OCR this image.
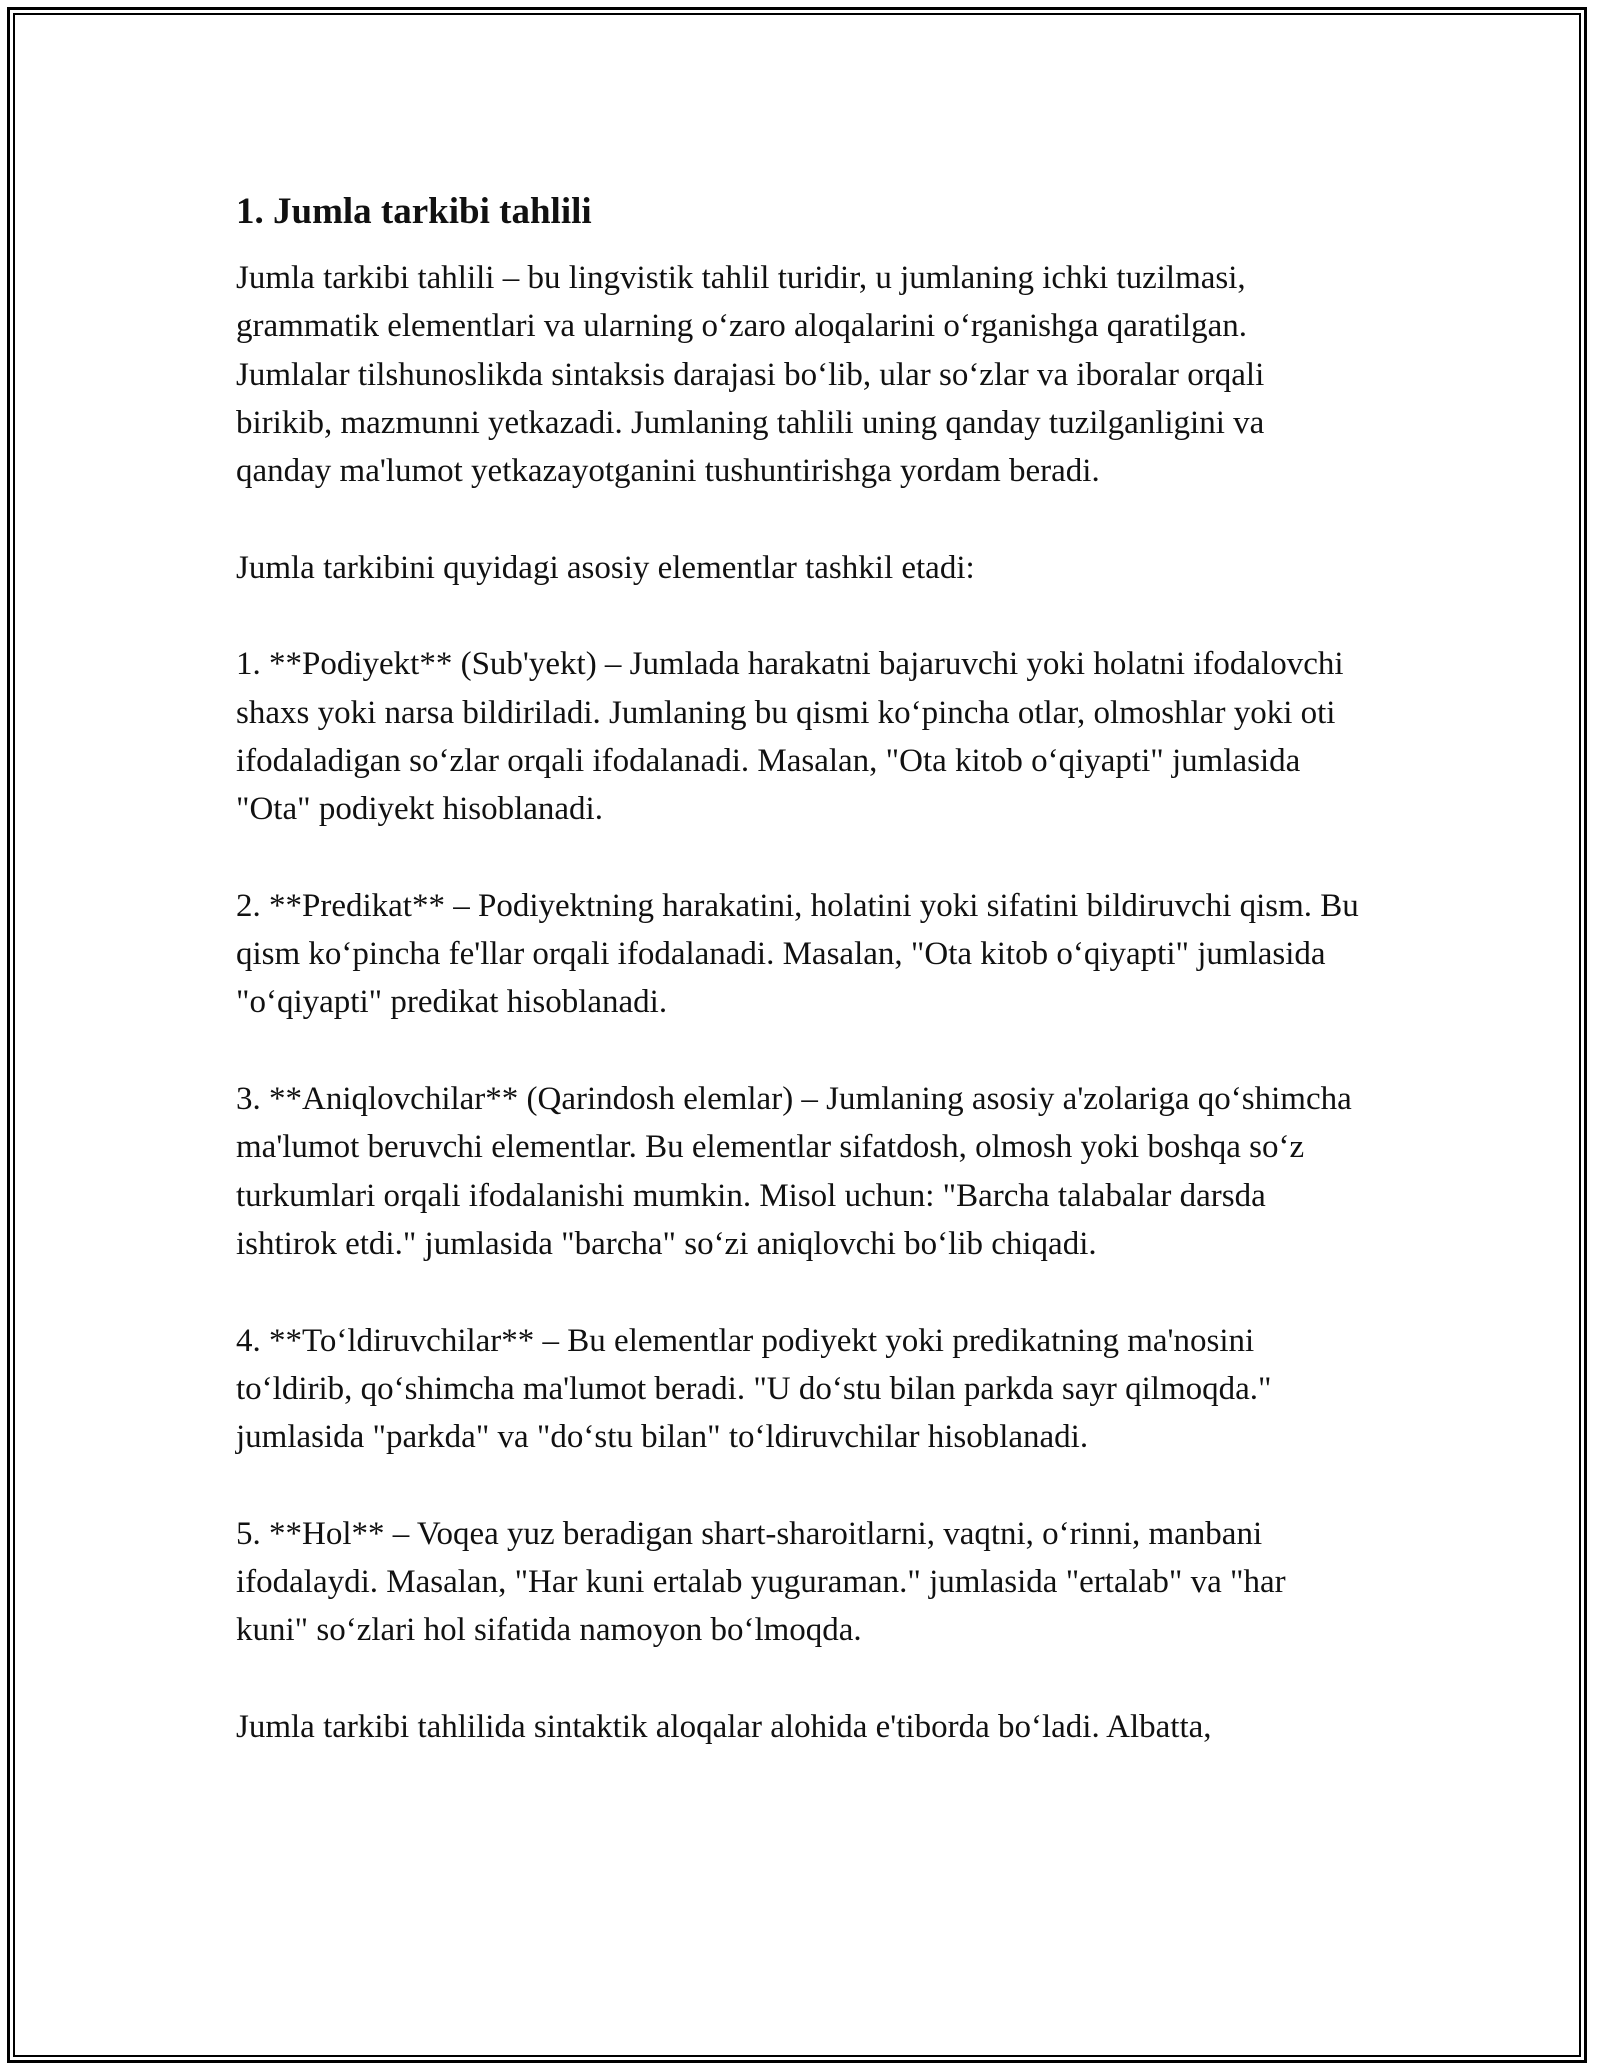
1. Jumla tarkibi tahlili

Jumla tarkibi tahlili – bu lingvistik tahlil turidir, u jumlaning ichki tuzilmasi, grammatik elementlari va ularning o‘zaro aloqalarini o‘rganishga qaratilgan. Jumlalar tilshunoslikda sintaksis darajasi bo‘lib, ular so‘zlar va iboralar orqali birikib, mazmunni yetkazadi. Jumlaning tahlili uning qanday tuzilganligini va qanday ma'lumot yetkazayotganini tushuntirishga yordam beradi.

Jumla tarkibini quyidagi asosiy elementlar tashkil etadi:

1. **Podiyekt** (Sub'yekt) – Jumlada harakatni bajaruvchi yoki holatni ifodalovchi shaxs yoki narsa bildiriladi. Jumlaning bu qismi ko‘pincha otlar, olmoshlar yoki oti ifodaladigan so‘zlar orqali ifodalanadi. Masalan, "Ota kitob o‘qiyapti" jumlasida "Ota" podiyekt hisoblanadi.

2. **Predikat** – Podiyektning harakatini, holatini yoki sifatini bildiruvchi qism. Bu qism ko‘pincha fe'llar orqali ifodalanadi. Masalan, "Ota kitob o‘qiyapti" jumlasida "o‘qiyapti" predikat hisoblanadi.

3. **Aniqlovchilar** (Qarindosh elemlar) – Jumlaning asosiy a'zolariga qo‘shimcha ma'lumot beruvchi elementlar. Bu elementlar sifatdosh, olmosh yoki boshqa so‘z turkumlari orqali ifodalanishi mumkin. Misol uchun: "Barcha talabalar darsda ishtirok etdi." jumlasida "barcha" so‘zi aniqlovchi bo‘lib chiqadi.

4. **To‘ldiruvchilar** – Bu elementlar podiyekt yoki predikatning ma'nosini to‘ldirib, qo‘shimcha ma'lumot beradi. "U do‘stu bilan parkda sayr qilmoqda." jumlasida "parkda" va "do‘stu bilan" to‘ldiruvchilar hisoblanadi.

5. **Hol** – Voqea yuz beradigan shart-sharoitlarni, vaqtni, o‘rinni, manbani ifodalaydi. Masalan, "Har kuni ertalab yuguraman." jumlasida "ertalab" va "har kuni" so‘zlari hol sifatida namoyon bo‘lmoqda.

Jumla tarkibi tahlilida sintaktik aloqalar alohida e'tiborda bo‘ladi. Albatta,
